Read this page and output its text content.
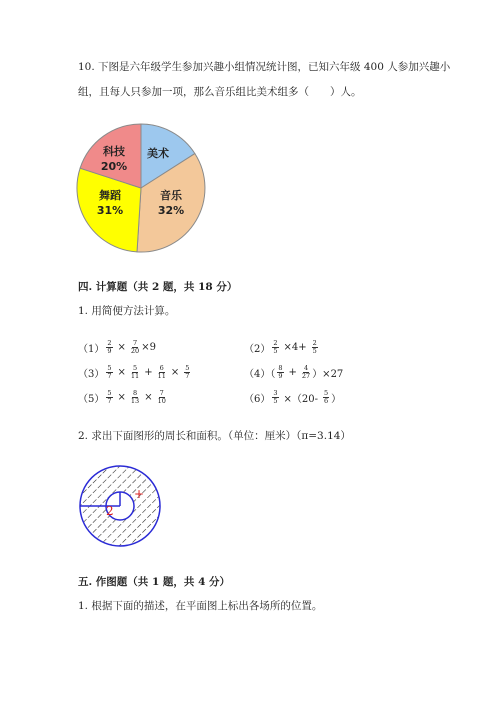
10. 下图是六年级学生参加兴趣小组情况统计图，已知六年级 400 人参加兴趣小
组，且每人只参加一项，那么音乐组比美术组多（　　）人。
美术
科技
20%
舞蹈
31%
音乐
32%
四. 计算题（共 2 题，共 18 分）
1. 用简便方法计算。
$(1) \frac{2}{9} \times \frac{7}{20} \times 9$	$(2) \frac{2}{5} \times 4+ \frac{2}{5}$
$(3) \frac{5}{7} \times \frac{5}{11} + \frac{6}{11} \times \frac{5}{7}$	$(4)( \frac{8}{9} + \frac{4}{27} )\times 27$
$(5) \frac{5}{7} \times \frac{8}{13} \times \frac{7}{10}$	$(6) \frac{3}{5} \times(20- \frac{5}{6}$ ）
2. 求出下面图形的周长和面积。（单位：厘米）（π=3.14）
+
2
五. 作图题（共 1 题，共 4 分）
1. 根据下面的描述，在平面图上标出各场所的位置。
